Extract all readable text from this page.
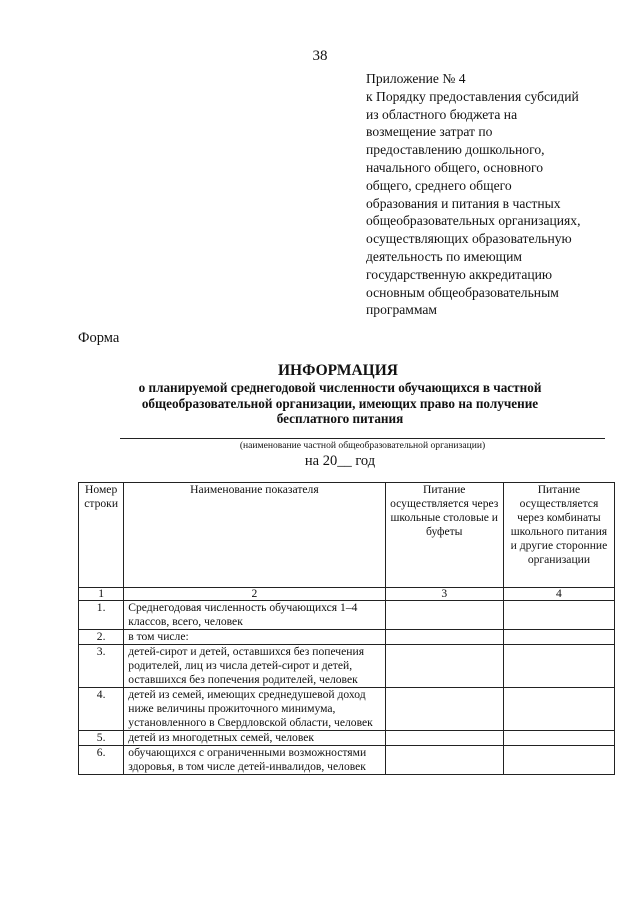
38
Приложение № 4
к Порядку предоставления субсидий
из областного бюджета на
возмещение затрат по
предоставлению дошкольного,
начального общего, основного
общего, среднего общего
образования и питания в частных
общеобразовательных организациях,
осуществляющих образовательную
деятельность по имеющим
государственную аккредитацию
основным общеобразовательным
программам
Форма
ИНФОРМАЦИЯ
о планируемой среднегодовой численности обучающихся в частной
общеобразовательной организации, имеющих право на получение
бесплатного питания
(наименование частной общеобразовательной организации)
на 20__ год
Номер строки	Наименование показателя	Питание осуществляется через школьные столовые и буфеты	Питание осуществляется через комбинаты школьного питания и другие сторонние организации
1	2	3	4
1.	Среднегодовая численность обучающихся 1–4 классов, всего, человек		
2.	в том числе:		
3.	детей-сирот и детей, оставшихся без попечения родителей, лиц из числа детей-сирот и детей, оставшихся без попечения родителей, человек		
4.	детей из семей, имеющих среднедушевой доход ниже величины прожиточного минимума, установленного в Свердловской области, человек		
5.	детей из многодетных семей, человек		
6.	обучающихся с ограниченными возможностями здоровья, в том числе детей-инвалидов, человек		
